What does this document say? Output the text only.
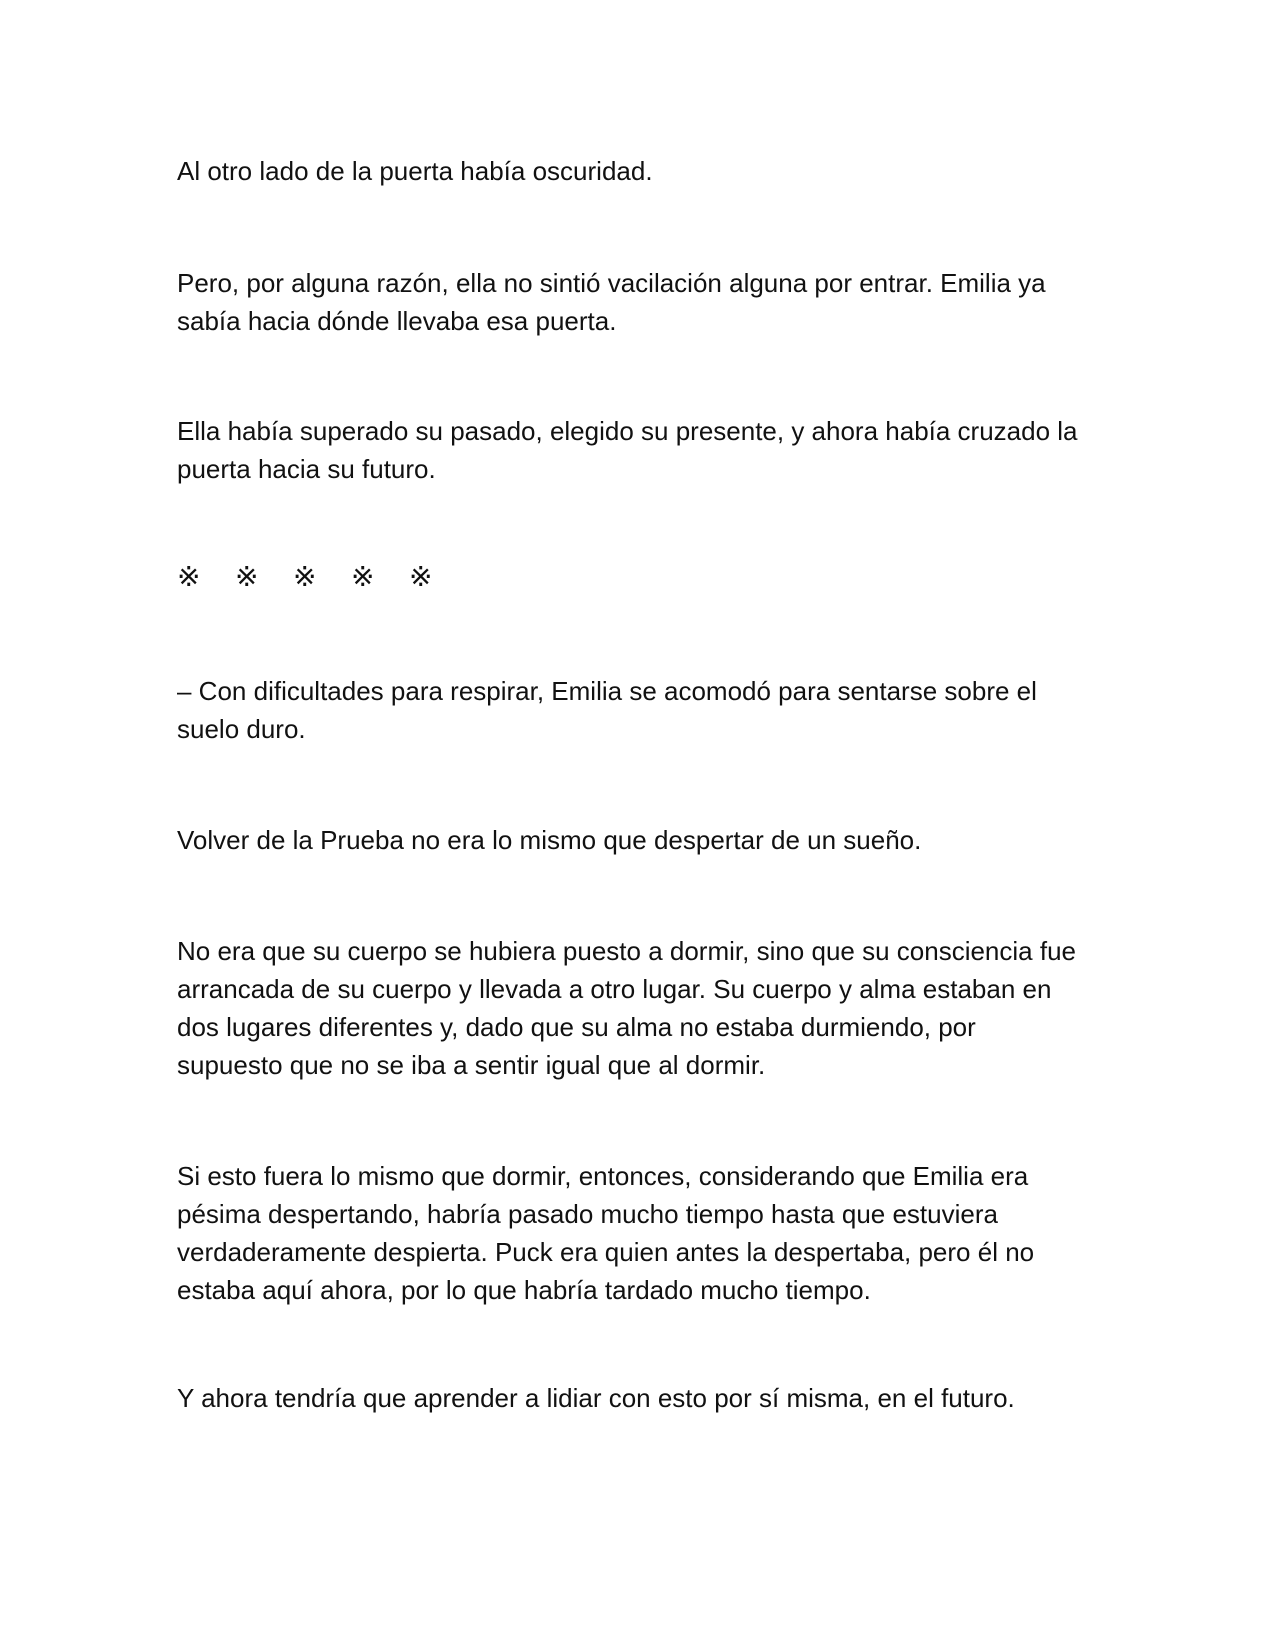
Al otro lado de la puerta había oscuridad.

Pero, por alguna razón, ella no sintió vacilación alguna por entrar. Emilia ya
sabía hacia dónde llevaba esa puerta.

Ella había superado su pasado, elegido su presente, y ahora había cruzado la
puerta hacia su futuro.

※ ※ ※ ※ ※

– Con dificultades para respirar, Emilia se acomodó para sentarse sobre el
suelo duro.

Volver de la Prueba no era lo mismo que despertar de un sueño.

No era que su cuerpo se hubiera puesto a dormir, sino que su consciencia fue
arrancada de su cuerpo y llevada a otro lugar. Su cuerpo y alma estaban en
dos lugares diferentes y, dado que su alma no estaba durmiendo, por
supuesto que no se iba a sentir igual que al dormir.

Si esto fuera lo mismo que dormir, entonces, considerando que Emilia era
pésima despertando, habría pasado mucho tiempo hasta que estuviera
verdaderamente despierta. Puck era quien antes la despertaba, pero él no
estaba aquí ahora, por lo que habría tardado mucho tiempo.

Y ahora tendría que aprender a lidiar con esto por sí misma, en el futuro.
